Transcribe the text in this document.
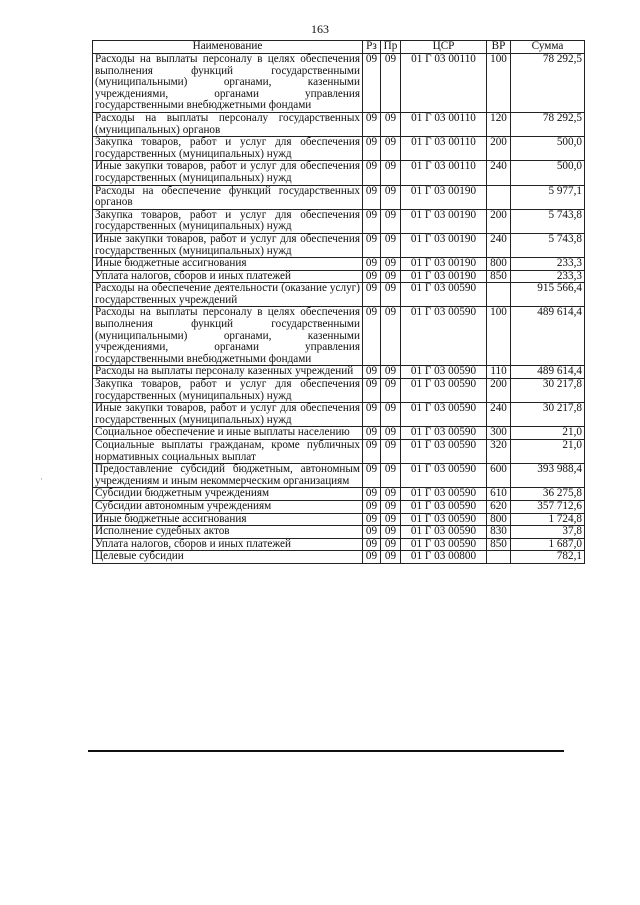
163
·
Наименование	Рз	Пр	ЦСР	ВР	Сумма
Расходы на выплаты персоналу в целях обеспечения выполнения функций государственными (муниципальными) органами, казенными учреждениями, органами управления государственными внебюджетными фондами	09	09	01 Г 03 00110	100	78 292,5
Расходы на выплаты персоналу государственных (муниципальных) органов	09	09	01 Г 03 00110	120	78 292,5
Закупка товаров, работ и услуг для обеспечения государственных (муниципальных) нужд	09	09	01 Г 03 00110	200	500,0
Иные закупки товаров, работ и услуг для обеспечения государственных (муниципальных) нужд	09	09	01 Г 03 00110	240	500,0
Расходы на обеспечение функций государственных органов	09	09	01 Г 03 00190		5 977,1
Закупка товаров, работ и услуг для обеспечения государственных (муниципальных) нужд	09	09	01 Г 03 00190	200	5 743,8
Иные закупки товаров, работ и услуг для обеспечения государственных (муниципальных) нужд	09	09	01 Г 03 00190	240	5 743,8
Иные бюджетные ассигнования	09	09	01 Г 03 00190	800	233,3
Уплата налогов, сборов и иных платежей	09	09	01 Г 03 00190	850	233,3
Расходы на обеспечение деятельности (оказание услуг) государственных учреждений	09	09	01 Г 03 00590		915 566,4
Расходы на выплаты персоналу в целях обеспечения выполнения функций государственными (муниципальными) органами, казенными учреждениями, органами управления государственными внебюджетными фондами	09	09	01 Г 03 00590	100	489 614,4
Расходы на выплаты персоналу казенных учреждений	09	09	01 Г 03 00590	110	489 614,4
Закупка товаров, работ и услуг для обеспечения государственных (муниципальных) нужд	09	09	01 Г 03 00590	200	30 217,8
Иные закупки товаров, работ и услуг для обеспечения государственных (муниципальных) нужд	09	09	01 Г 03 00590	240	30 217,8
Социальное обеспечение и иные выплаты населению	09	09	01 Г 03 00590	300	21,0
Социальные выплаты гражданам, кроме публичных нормативных социальных выплат	09	09	01 Г 03 00590	320	21,0
Предоставление субсидий бюджетным, автономным учреждениям и иным некоммерческим организациям	09	09	01 Г 03 00590	600	393 988,4
Субсидии бюджетным учреждениям	09	09	01 Г 03 00590	610	36 275,8
Субсидии автономным учреждениям	09	09	01 Г 03 00590	620	357 712,6
Иные бюджетные ассигнования	09	09	01 Г 03 00590	800	1 724,8
Исполнение судебных актов	09	09	01 Г 03 00590	830	37,8
Уплата налогов, сборов и иных платежей	09	09	01 Г 03 00590	850	1 687,0
Целевые субсидии	09	09	01 Г 03 00800		782,1
